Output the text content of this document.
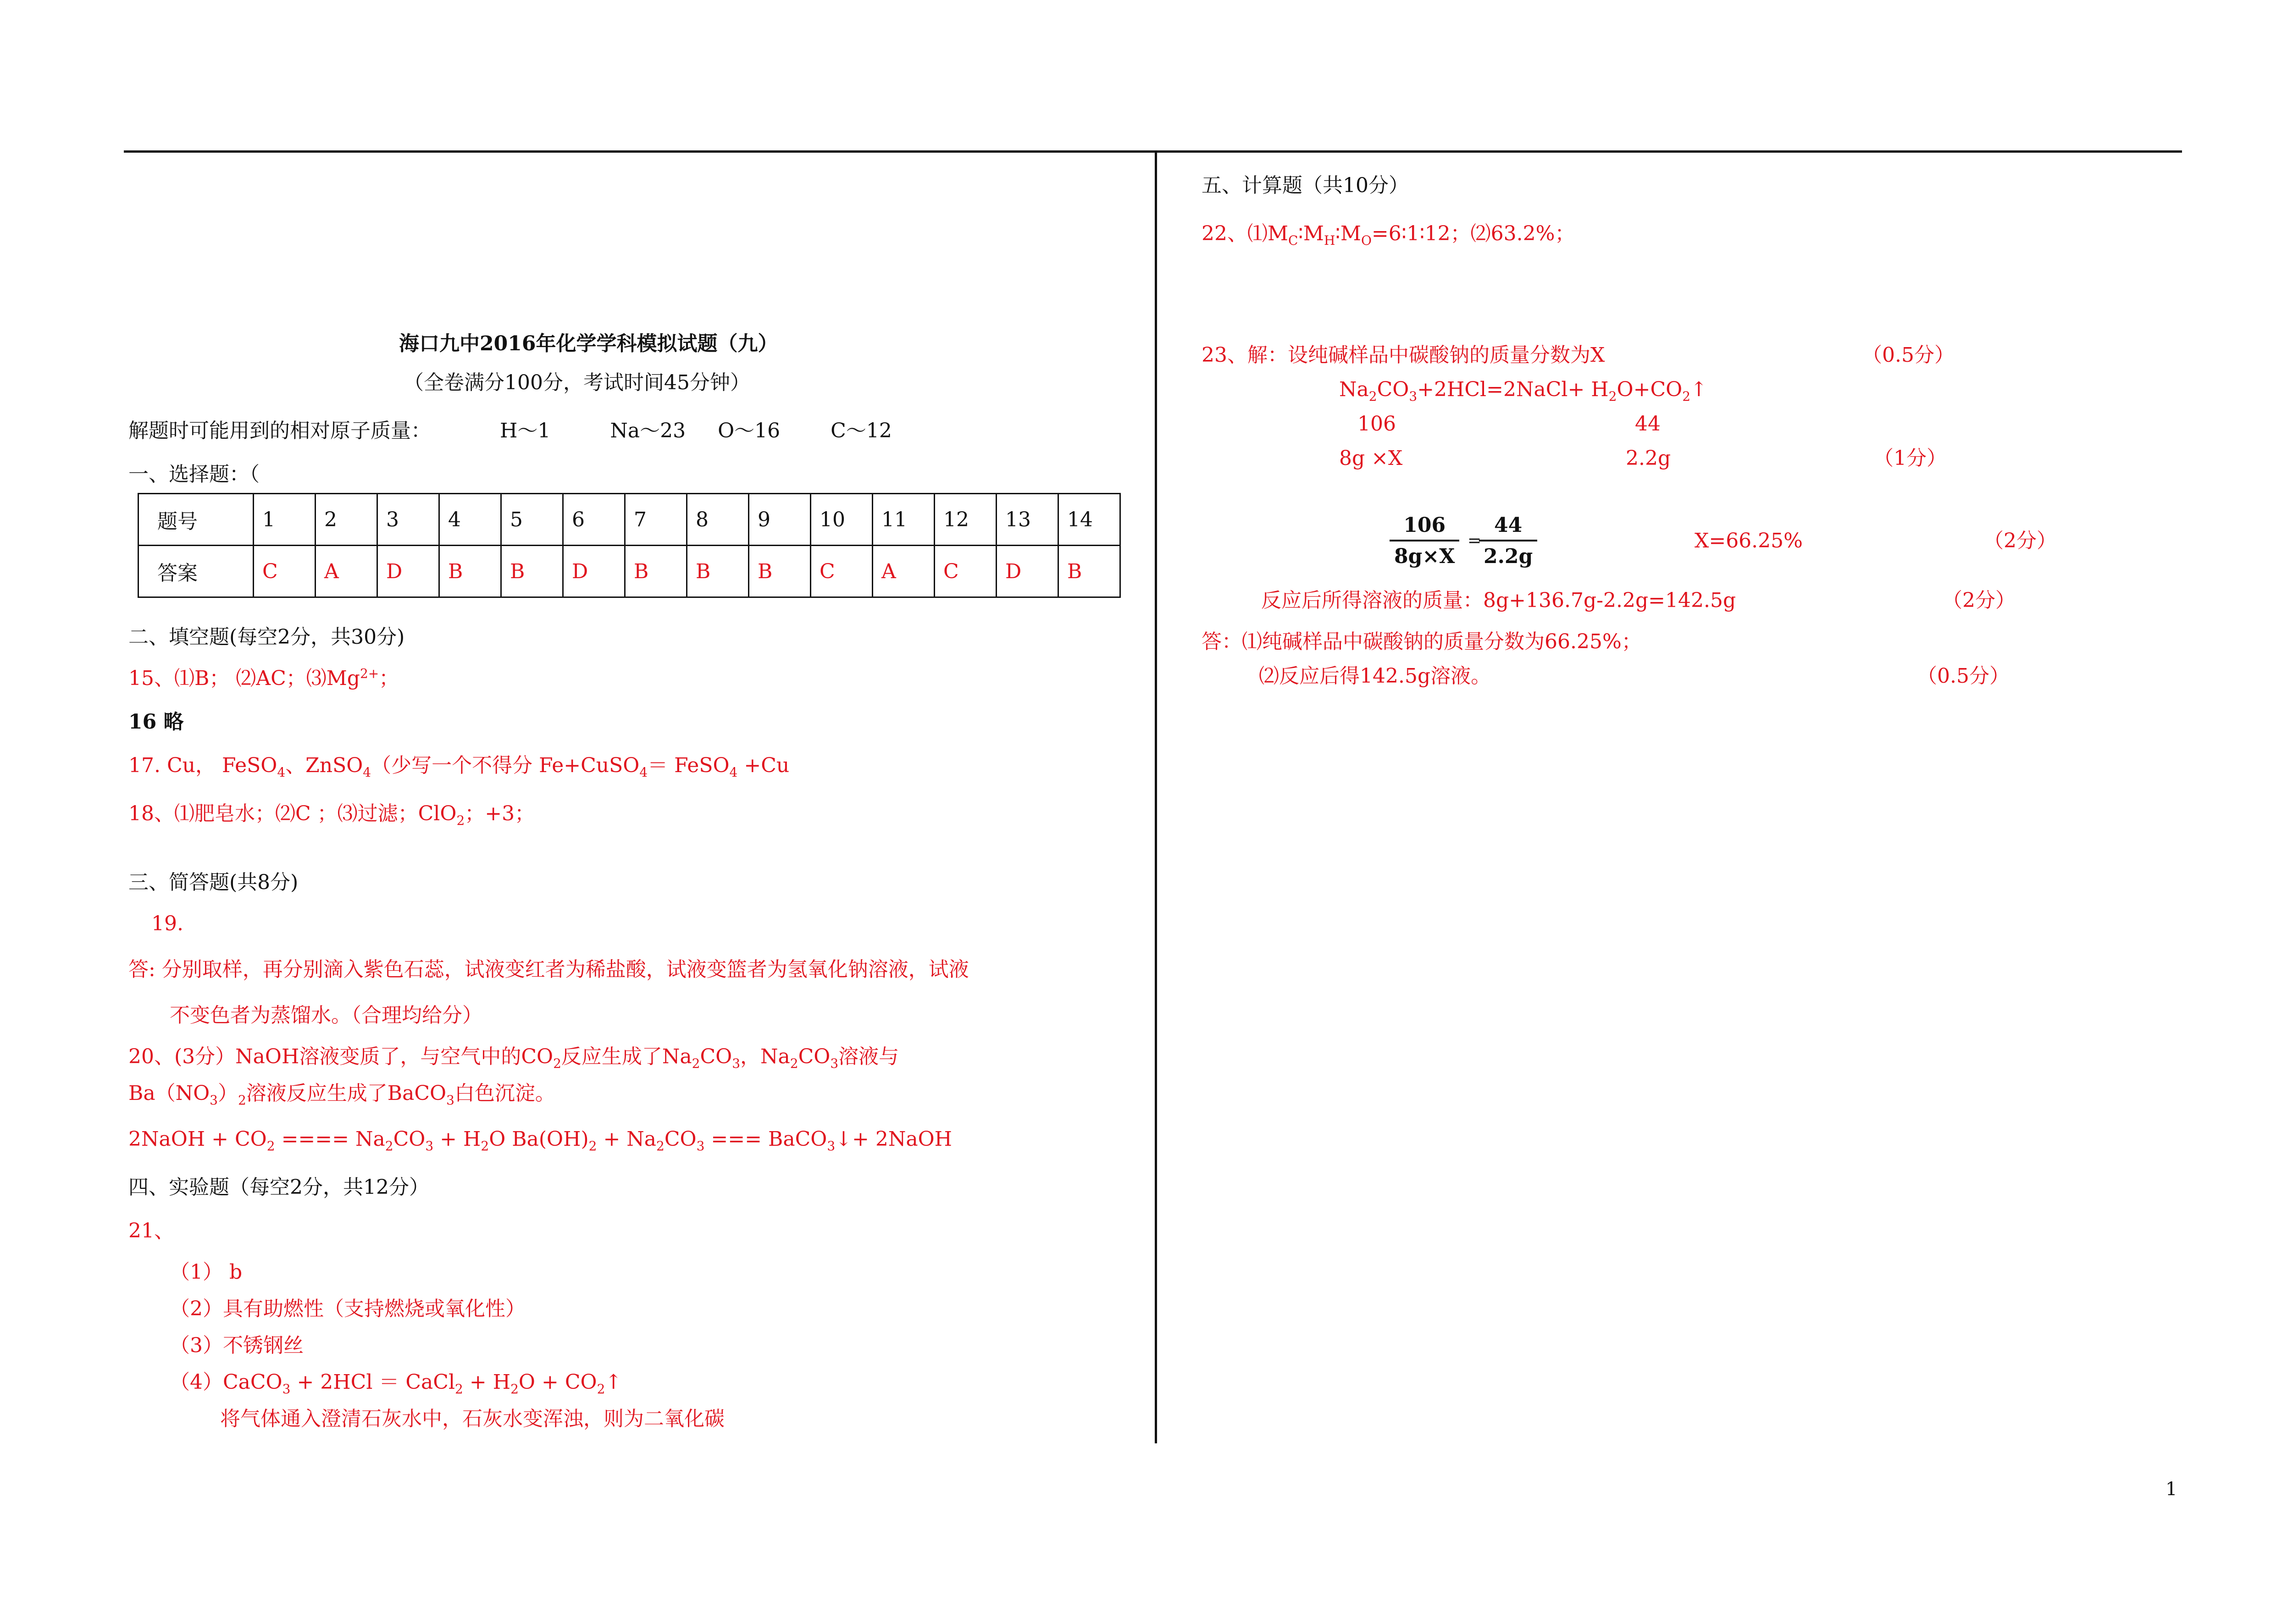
海口九中2016年化学学科模拟试题（九）
（全卷满分100分，考试时间45分钟）
解题时可能用到的相对原子质量：	H～1	Na～23 O～16	C～12
一、选择题：（
题号	1	2	3	4	5	6	7	8	9	10	11	12	13	14
答案	C	A	D	B	B	D	B	B	B	C	A	C	D	B
二、填空题(每空2分，共30分)
15、⑴B； ⑵AC；$⑶Mg^{2+}$；
16 略
17. Cu， FeSO$_4$、ZnSO$_4$（少写一个不得分 Fe+CuSO$_4$＝ FeSO$_4$ +Cu
18、⑴肥皂水；⑵C ；⑶过滤；ClO$_2$；+3；
三、简答题(共8分)
19.
答: 分别取样，再分别滴入紫色石蕊，试液变红者为稀盐酸，试液变篮者为氢氧化钠溶液，试液
不变色者为蒸馏水。（合理均给分）
20、(3分）NaOH溶液变质了，与空气中的$CO_2$反应生成了$Na_2CO_3$，$Na_2CO_3$溶液与
$Ba(NO_3)_2$溶液反应生成了BaCO$_3$白色沉淀。
2NaOH + $CO_2$ ==== $Na_2CO_3 + H_2O$ $Ba(OH)_2 + Na_2CO_3$ === BaCO$_3$↓+ 2NaOH
四、实验题（每空2分，共12分）
21、
（1） b
（2）具有助燃性（支持燃烧或氧化性）
（3）不锈钢丝
（4）CaCO$_3$ + 2HCl ＝ CaCl$_2$ + $H_2O$ + $CO_2↑$
将气体通入澄清石灰水中，石灰水变浑浊，则为二氧化碳
五、计算题（共10分）
22、$⑴M_C∶M_H∶M_O=6∶1∶12$；⑵63.2%；
23、解：设纯碱样品中碳酸钠的质量分数为X	（0.5分）
$Na_2CO_3+2HCl=2NaCl+$ $H_2O+CO_2↑$
106	44
8g ×X	2.2g	（1分）
$\frac{106}{8g\times X}$ =
$\frac{44}{2.2g}$	X=66.25%	（2分）
反应后所得溶液的质量：8g+136.7g-2.2g=142.5g	（2分）
答：⑴纯碱样品中碳酸钠的质量分数为66.25%；
⑵反应后得142.5g溶液。	（0.5分）
1
